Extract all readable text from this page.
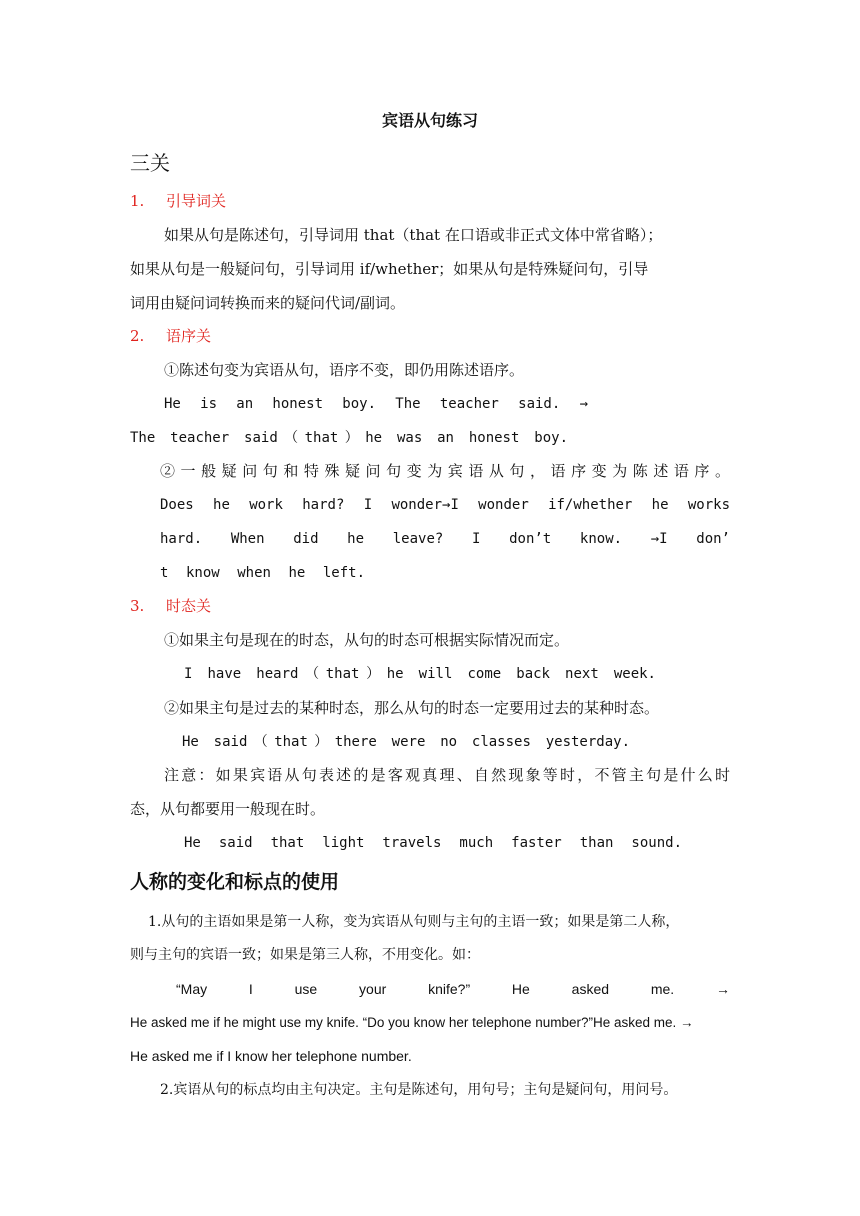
宾语从句练习
三关
1. 引导词关
如果从句是陈述句，引导词用 that（that 在口语或非正式文体中常省略）；
如果从句是一般疑问句，引导词用 if/whether；如果从句是特殊疑问句，引导
词用由疑问词转换而来的疑问代词/副词。
2. 语序关
①陈述句变为宾语从句，语序不变，即仍用陈述语序。
He is an honest boy. The teacher said. →
The teacher said（that）he was an honest boy.
②一般疑问句和特殊疑问句变为宾语从句，语序变为陈述语序。
Does he work hard? I wonder→I wonder if/whether he works
hard. When did he leave? I don’t know. →I don’
t know when he left.
3. 时态关
①如果主句是现在的时态，从句的时态可根据实际情况而定。
I have heard（that）he will come back next week.
②如果主句是过去的某种时态，那么从句的时态一定要用过去的某种时态。
He said（that）there were no classes yesterday.
注意：如果宾语从句表述的是客观真理、自然现象等时，不管主句是什么时
态，从句都要用一般现在时。
He said that light travels much faster than sound.
人称的变化和标点的使用
1.从句的主语如果是第一人称，变为宾语从句则与主句的主语一致；如果是第二人称，
则与主句的宾语一致；如果是第三人称，不用变化。如：
“May I use your knife?” He asked me. →
He asked me if he might use my knife. “Do you know her telephone number?”He asked me. →
He asked me if I know her telephone number.
2.宾语从句的标点均由主句决定。主句是陈述句，用句号；主句是疑问句，用问号。
